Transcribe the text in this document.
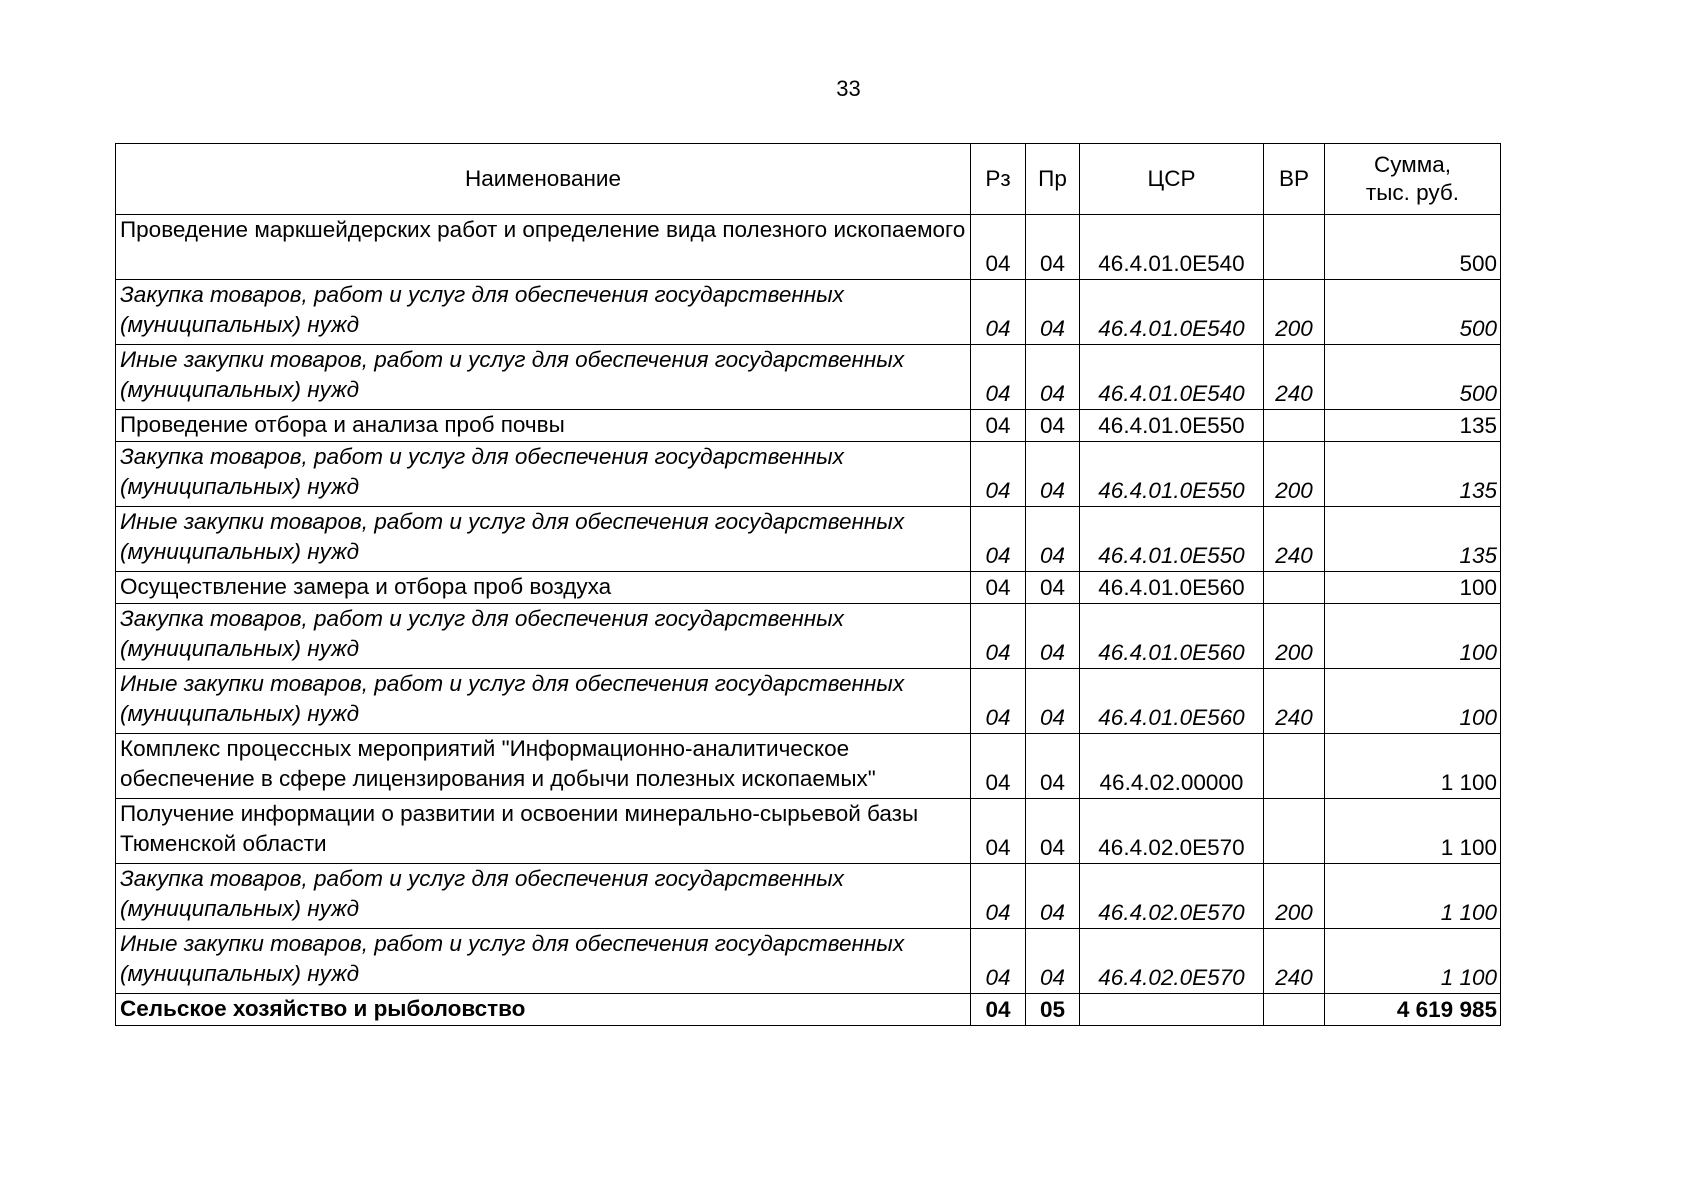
33
Наименование	Рз	Пр	ЦСР	ВР	Сумма,
тыс. руб.

Проведение маркшейдерских работ и определение вида полезного ископаемого	04	04	46.4.01.0Е540		500
Закупка товаров, работ и услуг для обеспечения государственных (муниципальных) нужд	04	04	46.4.01.0Е540	200	500
Иные закупки товаров, работ и услуг для обеспечения государственных (муниципальных) нужд	04	04	46.4.01.0Е540	240	500
Проведение отбора и анализа проб почвы	04	04	46.4.01.0Е550		135
Закупка товаров, работ и услуг для обеспечения государственных (муниципальных) нужд	04	04	46.4.01.0Е550	200	135
Иные закупки товаров, работ и услуг для обеспечения государственных (муниципальных) нужд	04	04	46.4.01.0Е550	240	135
Осуществление замера и отбора проб воздуха	04	04	46.4.01.0Е560		100
Закупка товаров, работ и услуг для обеспечения государственных (муниципальных) нужд	04	04	46.4.01.0Е560	200	100
Иные закупки товаров, работ и услуг для обеспечения государственных (муниципальных) нужд	04	04	46.4.01.0Е560	240	100
Комплекс процессных мероприятий "Информационно-аналитическое обеспечение в сфере лицензирования и добычи полезных ископаемых"	04	04	46.4.02.00000		1 100
Получение информации о развитии и освоении минерально-сырьевой базы Тюменской области	04	04	46.4.02.0Е570		1 100
Закупка товаров, работ и услуг для обеспечения государственных (муниципальных) нужд	04	04	46.4.02.0Е570	200	1 100
Иные закупки товаров, работ и услуг для обеспечения государственных (муниципальных) нужд	04	04	46.4.02.0Е570	240	1 100
Сельское хозяйство и рыболовство	04	05			4 619 985
